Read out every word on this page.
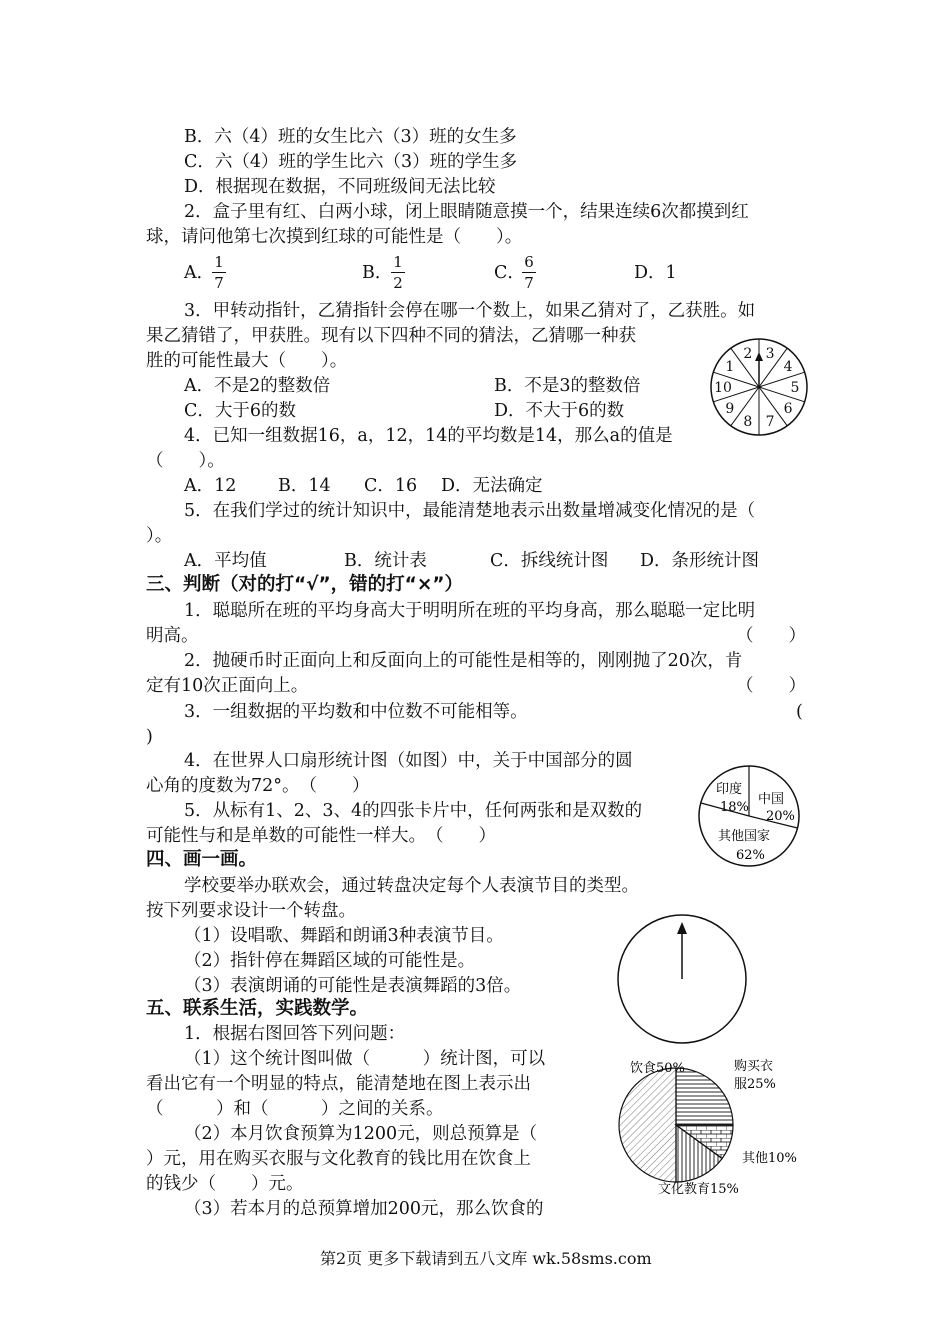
B．六（4）班的女生比六（3）班的女生多
C．六（4）班的学生比六（3）班的学生多
D．根据现在数据，不同班级间无法比较
2．盒子里有红、白两小球，闭上眼睛随意摸一个，结果连续6次都摸到红
球，请问他第七次摸到红球的可能性是（　　）。
A．
1
7	B．
1
2	C．
6
7	D．1
3．甲转动指针，乙猜指针会停在哪一个数上，如果乙猜对了，乙获胜。如
果乙猜错了，甲获胜。现有以下四种不同的猜法，乙猜哪一种获
胜的可能性最大（　　）。
A．不是2的整数倍	B．不是3的整数倍
C．大于6的数	D．不大于6的数
3
4
5
6
7
8
9
10
1
2
4．已知一组数据16，a，12，14的平均数是14，那么a的值是
（　　）。
A．12 B．14 C．16 D．无法确定
5．在我们学过的统计知识中，最能清楚地表示出数量增减变化情况的是（
）。
A．平均值	B．统计表	C．拆线统计图 D．条形统计图
三、判断（对的打“√”，错的打“×”）
1．聪聪所在班的平均身高大于明明所在班的平均身高，那么聪聪一定比明
明高。	（　　）
2．抛硬币时正面向上和反面向上的可能性是相等的，刚刚抛了20次，肯
定有10次正面向上。	（　　）
3．一组数据的平均数和中位数不可能相等。	(
)
4．在世界人口扇形统计图（如图）中，关于中国部分的圆
心角的度数为72°。　（　　）
5．从标有1、2、3、4的四张卡片中，任何两张和是双数的
可能性与和是单数的可能性一样大。　（　　）
印度
18%
中国
20%
其他国家
62%
四、画一画。
学校要举办联欢会，通过转盘决定每个人表演节目的类型。
按下列要求设计一个转盘。
（1）设唱歌、舞蹈和朗诵3种表演节目。
（2）指针停在舞蹈区域的可能性是。
（3）表演朗诵的可能性是表演舞蹈的3倍。
五、联系生活，实践数学。
1．根据右图回答下列问题：
（1）这个统计图叫做（　　　）统计图，可以
看出它有一个明显的特点，能清楚地在图上表示出
（　　　）和（　　　）之间的关系。
（2）本月饮食预算为1200元，则总预算是（
）元，用在购买衣服与文化教育的钱比用在饮食上
的钱少（　　）元。
（3）若本月的总预算增加200元，那么饮食的
饮食50%	购买衣
服25%
其他10%
文化教育15%
第2页 更多下载请到五八文库 wk.58sms.com
